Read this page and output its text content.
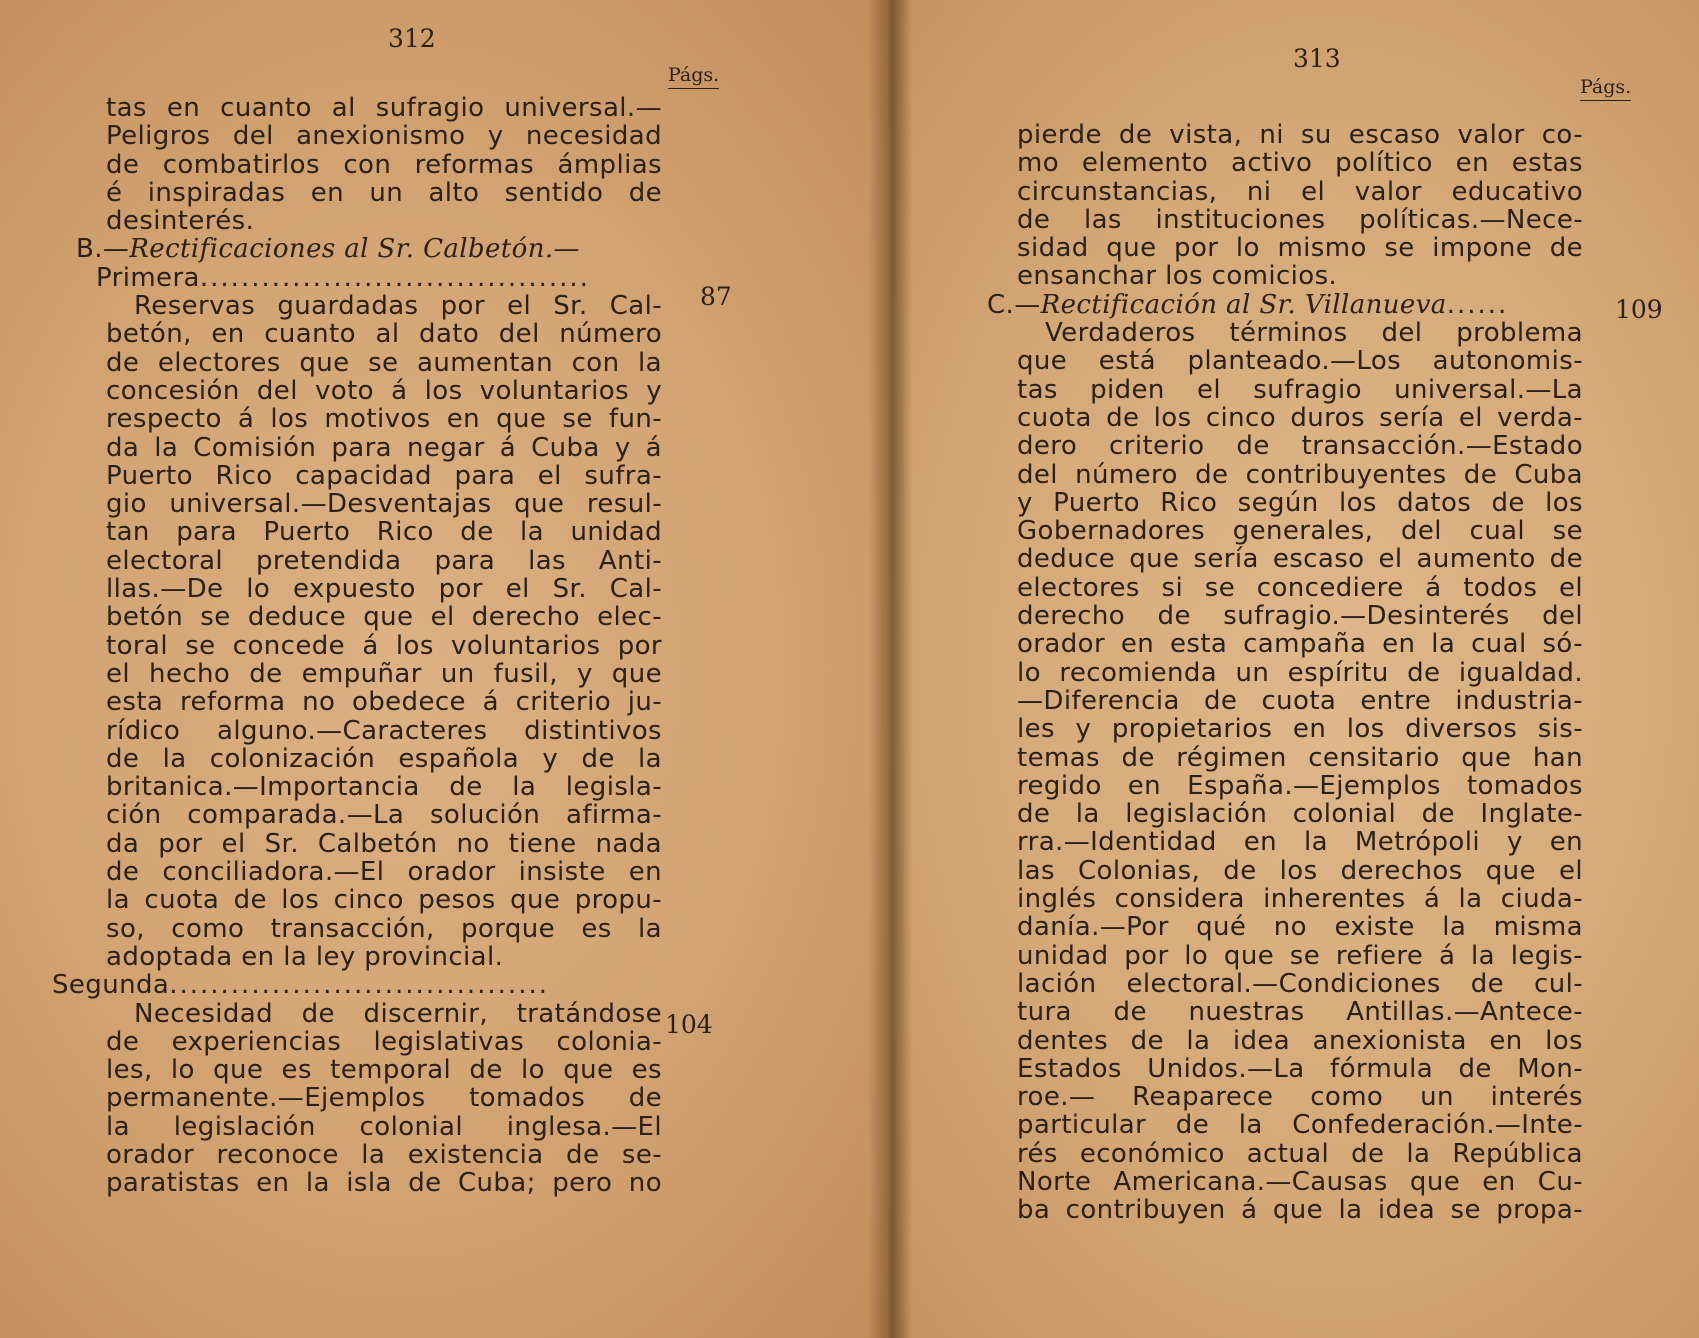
312
Págs.
tas en cuanto al sufragio universal.—
Peligros del anexionismo y necesidad
de combatirlos con reformas ámplias
é inspiradas en un alto sentido de
desinterés.
B.—Rectificaciones al Sr. Calbetón.—
Primera ......................................
Reservas guardadas por el Sr. Cal-
betón, en cuanto al dato del número
de electores que se aumentan con la
concesión del voto á los voluntarios y
respecto á los motivos en que se fun-
da la Comisión para negar á Cuba y á
Puerto Rico capacidad para el sufra-
gio universal.—Desventajas que resul-
tan para Puerto Rico de la unidad
electoral pretendida para las Anti-
llas.—De lo expuesto por el Sr. Cal-
betón se deduce que el derecho elec-
toral se concede á los voluntarios por
el hecho de empuñar un fusil, y que
esta reforma no obedece á criterio ju-
rídico alguno.—Caracteres distintivos
de la colonización española y de la
britanica.—Importancia de la legisla-
ción comparada.—La solución afirma-
da por el Sr. Calbetón no tiene nada
de conciliadora.—El orador insiste en
la cuota de los cinco pesos que propu-
so, como transacción, porque es la
adoptada en la ley provincial.
Segunda .....................................
Necesidad de discernir, tratándose
de experiencias legislativas colonia-
les, lo que es temporal de lo que es
permanente.—Ejemplos tomados de
la legislación colonial inglesa.—El
orador reconoce la existencia de se-
paratistas en la isla de Cuba; pero no
87
104
313
Págs.
pierde de vista, ni su escaso valor co-
mo elemento activo político en estas
circunstancias, ni el valor educativo
de las instituciones políticas.—Nece-
sidad que por lo mismo se impone de
ensanchar los comicios.
C.— Rectificación al Sr. Villanueva ......
Verdaderos términos del problema
que está planteado.—Los autonomis-
tas piden el sufragio universal.—La
cuota de los cinco duros sería el verda-
dero criterio de transacción.—Estado
del número de contribuyentes de Cuba
y Puerto Rico según los datos de los
Gobernadores generales, del cual se
deduce que sería escaso el aumento de
electores si se concediere á todos el
derecho de sufragio.—Desinterés del
orador en esta campaña en la cual só-
lo recomienda un espíritu de igualdad.
—Diferencia de cuota entre industria-
les y propietarios en los diversos sis-
temas de régimen censitario que han
regido en España.—Ejemplos tomados
de la legislación colonial de Inglate-
rra.—Identidad en la Metrópoli y en
las Colonias, de los derechos que el
inglés considera inherentes á la ciuda-
danía.—Por qué no existe la misma
unidad por lo que se refiere á la legis-
lación electoral.—Condiciones de cul-
tura de nuestras Antillas.—Antece-
dentes de la idea anexionista en los
Estados Unidos.—La fórmula de Mon-
roe.— Reaparece como un interés
particular de la Confederación.—Inte-
rés económico actual de la República
Norte Americana.—Causas que en Cu-
ba contribuyen á que la idea se propa-
109
